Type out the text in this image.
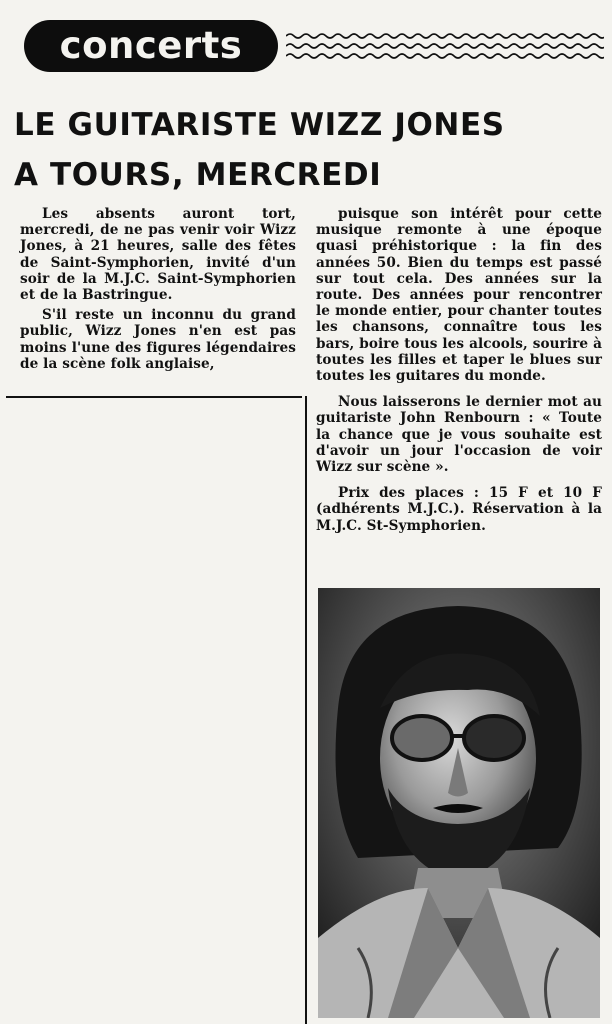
concerts
LE GUITARISTE WIZZ JONES
A TOURS, MERCREDI

Les absents auront tort, mercredi, de ne pas venir voir Wizz Jones, à 21 heures, salle des fêtes de Saint-Symphorien, invité d'un soir de la M.J.C. Saint-Symphorien et de la Bastringue.

S'il reste un inconnu du grand public, Wizz Jones n'en est pas moins l'une des figures légendaires de la scène folk anglaise,

puisque son intérêt pour cette musique remonte à une époque quasi préhistorique : la fin des années 50. Bien du temps est passé sur tout cela. Des années sur la route. Des années pour rencontrer le monde entier, pour chanter toutes les chansons, connaître tous les bars, boire tous les alcools, sourire à toutes les filles et taper le blues sur toutes les guitares du monde.

Nous laisserons le dernier mot au guitariste John Renbourn : « Toute la chance que je vous souhaite est d'avoir un jour l'occasion de voir Wizz sur scène ».

Prix des places : 15 F et 10 F (adhérents M.J.C.). Réservation à la M.J.C. St-Symphorien.
